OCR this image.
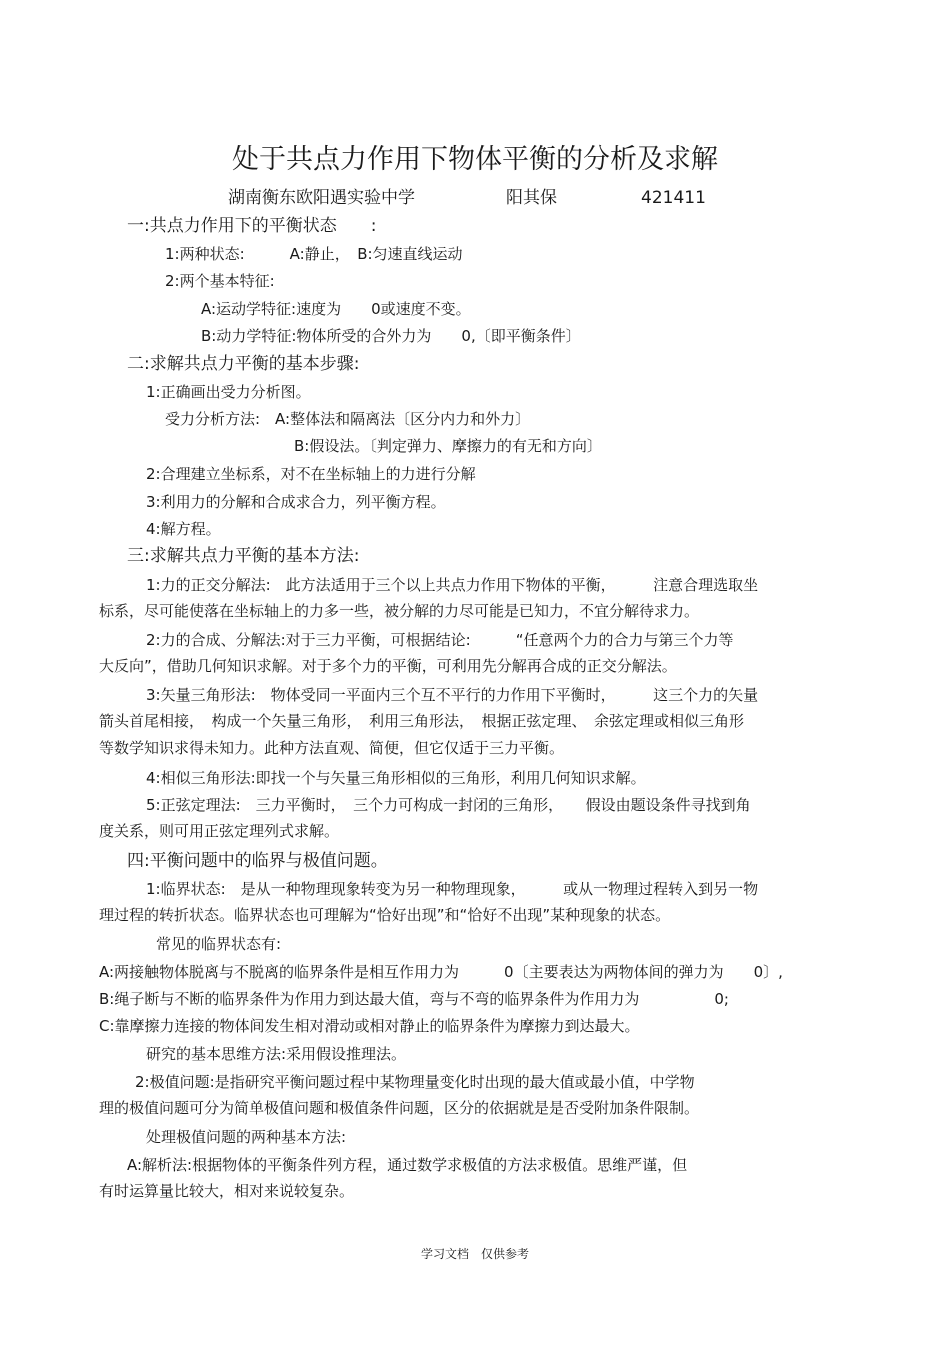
处于共点力作用下物体平衡的分析及求解
湖南衡东欧阳遇实验中学	阳其保	421411
一:共点力作用下的平衡状态　　:
1:两种状态:　　　A:静止，　B:匀速直线运动
2:两个基本特征:
A:运动学特征:速度为　　0或速度不变。
B:动力学特征:物体所受的合外力为　　0,〔即平衡条件〕
二:求解共点力平衡的基本步骤:
1:正确画出受力分析图。
受力分析方法:　A:整体法和隔离法〔区分内力和外力〕
B:假设法。〔判定弹力、摩擦力的有无和方向〕
2:合理建立坐标系，对不在坐标轴上的力进行分解
3:利用力的分解和合成求合力，列平衡方程。
4:解方程。
三:求解共点力平衡的基本方法:
1:力的正交分解法:　此方法适用于三个以上共点力作用下物体的平衡，　　　注意合理选取坐
标系，尽可能使落在坐标轴上的力多一些，被分解的力尽可能是已知力，不宜分解待求力。
2:力的合成、分解法:对于三力平衡，可根据结论:　　　“任意两个力的合力与第三个力等
大反向”，借助几何知识求解。对于多个力的平衡，可利用先分解再合成的正交分解法。
3:矢量三角形法:　物体受同一平面内三个互不平行的力作用下平衡时，　　　这三个力的矢量
箭头首尾相接，　构成一个矢量三角形，　利用三角形法，　根据正弦定理、　余弦定理或相似三角形
等数学知识求得未知力。此种方法直观、简便，但它仅适于三力平衡。
4:相似三角形法:即找一个与矢量三角形相似的三角形，利用几何知识求解。
5:正弦定理法:　三力平衡时，　三个力可构成一封闭的三角形，　　假设由题设条件寻找到角
度关系，则可用正弦定理列式求解。
四:平衡问题中的临界与极值问题。
1:临界状态:　是从一种物理现象转变为另一种物理现象，　　　或从一物理过程转入到另一物
理过程的转折状态。临界状态也可理解为“恰好出现”和“恰好不出现”某种现象的状态。
常见的临界状态有:
A:两接触物体脱离与不脱离的临界条件是相互作用力为　　　0〔主要表达为两物体间的弹力为　　0〕,
B:绳子断与不断的临界条件为作用力到达最大值，弯与不弯的临界条件为作用力为　　　　　0;
C:靠摩擦力连接的物体间发生相对滑动或相对静止的临界条件为摩擦力到达最大。
研究的基本思维方法:采用假设推理法。
2:极值问题:是指研究平衡问题过程中某物理量变化时出现的最大值或最小值，中学物
理的极值问题可分为简单极值问题和极值条件问题，区分的依据就是是否受附加条件限制。
处理极值问题的两种基本方法:
A:解析法:根据物体的平衡条件列方程，通过数学求极值的方法求极值。思维严谨，但
有时运算量比较大，相对来说较复杂。
学习文档　仅供参考
